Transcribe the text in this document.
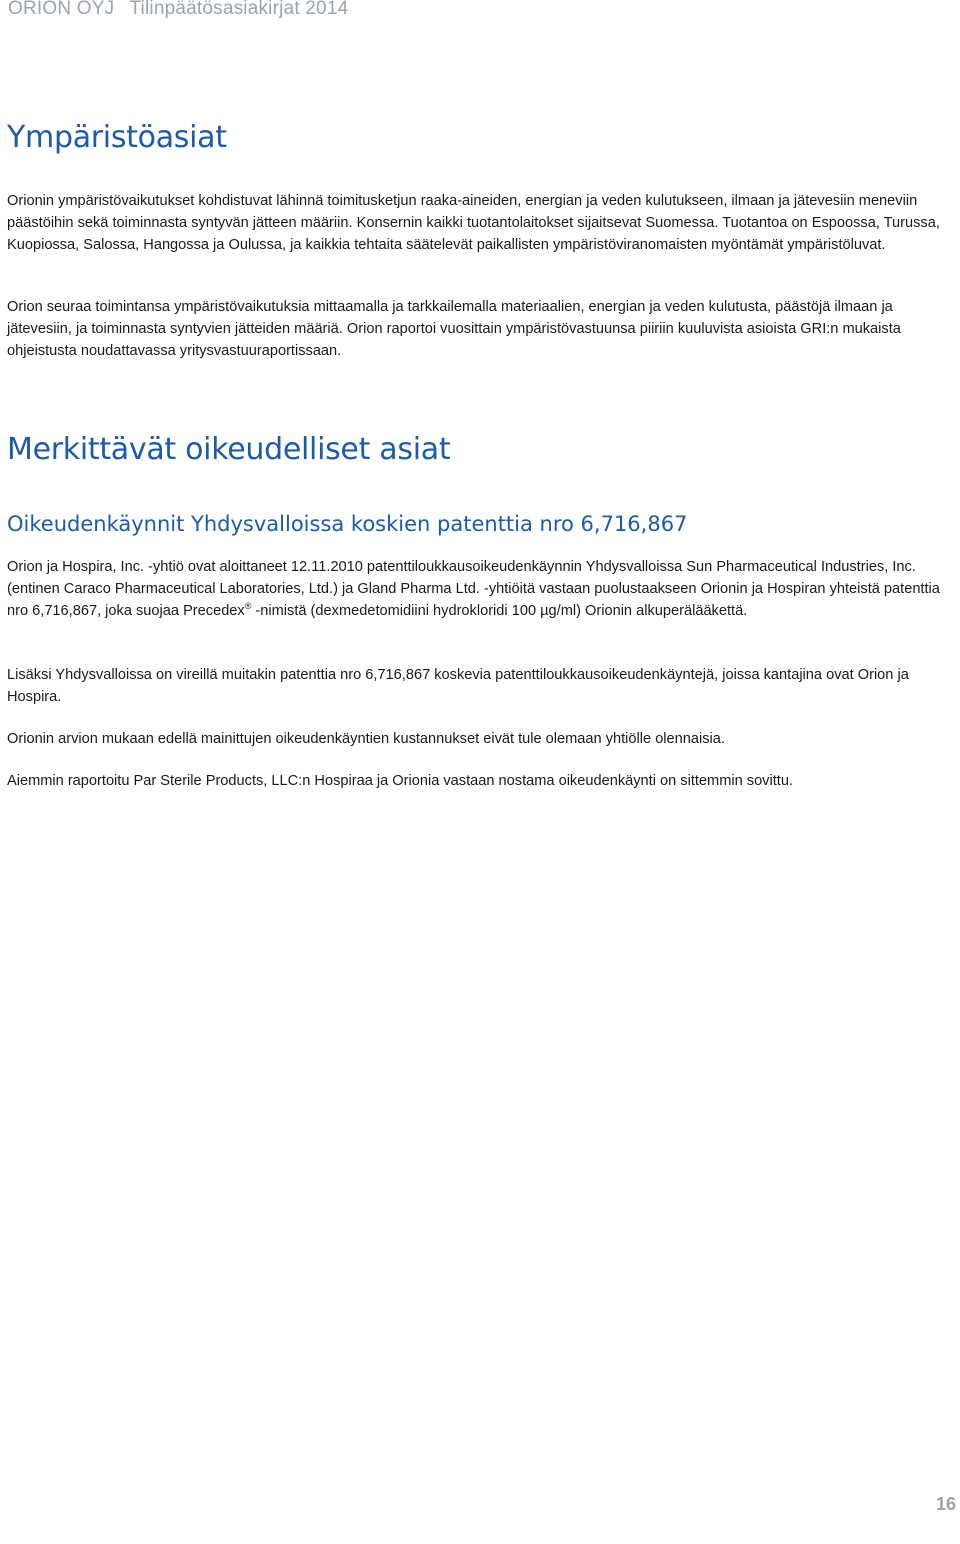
ORION OYJ Tilinpäätösasiakirjat 2014
Ympäristöasiat

Orionin ympäristövaikutukset kohdistuvat lähinnä toimitusketjun raaka-aineiden, energian ja veden kulutukseen, ilmaan ja jätevesiin meneviin päästöihin sekä toiminnasta syntyvän jätteen määriin. Konsernin kaikki tuotantolaitokset sijaitsevat Suomessa. Tuotantoa on Espoossa, Turussa, Kuopiossa, Salossa, Hangossa ja Oulussa, ja kaikkia tehtaita säätelevät paikallisten ympäristöviranomaisten myöntämät ympäristöluvat.

Orion seuraa toimintansa ympäristövaikutuksia mittaamalla ja tarkkailemalla materiaalien, energian ja veden kulutusta, päästöjä ilmaan ja jätevesiin, ja toiminnasta syntyvien jätteiden määriä. Orion raportoi vuosittain ympäristövastuunsa piiriin kuuluvista asioista GRI:n mukaista ohjeistusta noudattavassa yritysvastuuraportissaan.

Merkittävät oikeudelliset asiat
Oikeudenkäynnit Yhdysvalloissa koskien patenttia nro 6,716,867

Orion ja Hospira, Inc. -yhtiö ovat aloittaneet 12.11.2010 patenttiloukkausoikeudenkäynnin Yhdysvalloissa Sun Pharmaceutical Industries, Inc. (entinen Caraco Pharmaceutical Laboratories, Ltd.) ja Gland Pharma Ltd. -yhtiöitä vastaan puolustaakseen Orionin ja Hospiran yhteistä patenttia nro 6,716,867, joka suojaa Precedex® -nimistä (dexmedetomidiini hydrokloridi 100 µg/ml) Orionin alkuperälääkettä.

Lisäksi Yhdysvalloissa on vireillä muitakin patenttia nro 6,716,867 koskevia patenttiloukkausoikeudenkäyntejä, joissa kantajina ovat Orion ja Hospira.

Orionin arvion mukaan edellä mainittujen oikeudenkäyntien kustannukset eivät tule olemaan yhtiölle olennaisia.

Aiemmin raportoitu Par Sterile Products, LLC:n Hospiraa ja Orionia vastaan nostama oikeudenkäynti on sittemmin sovittu.

16
